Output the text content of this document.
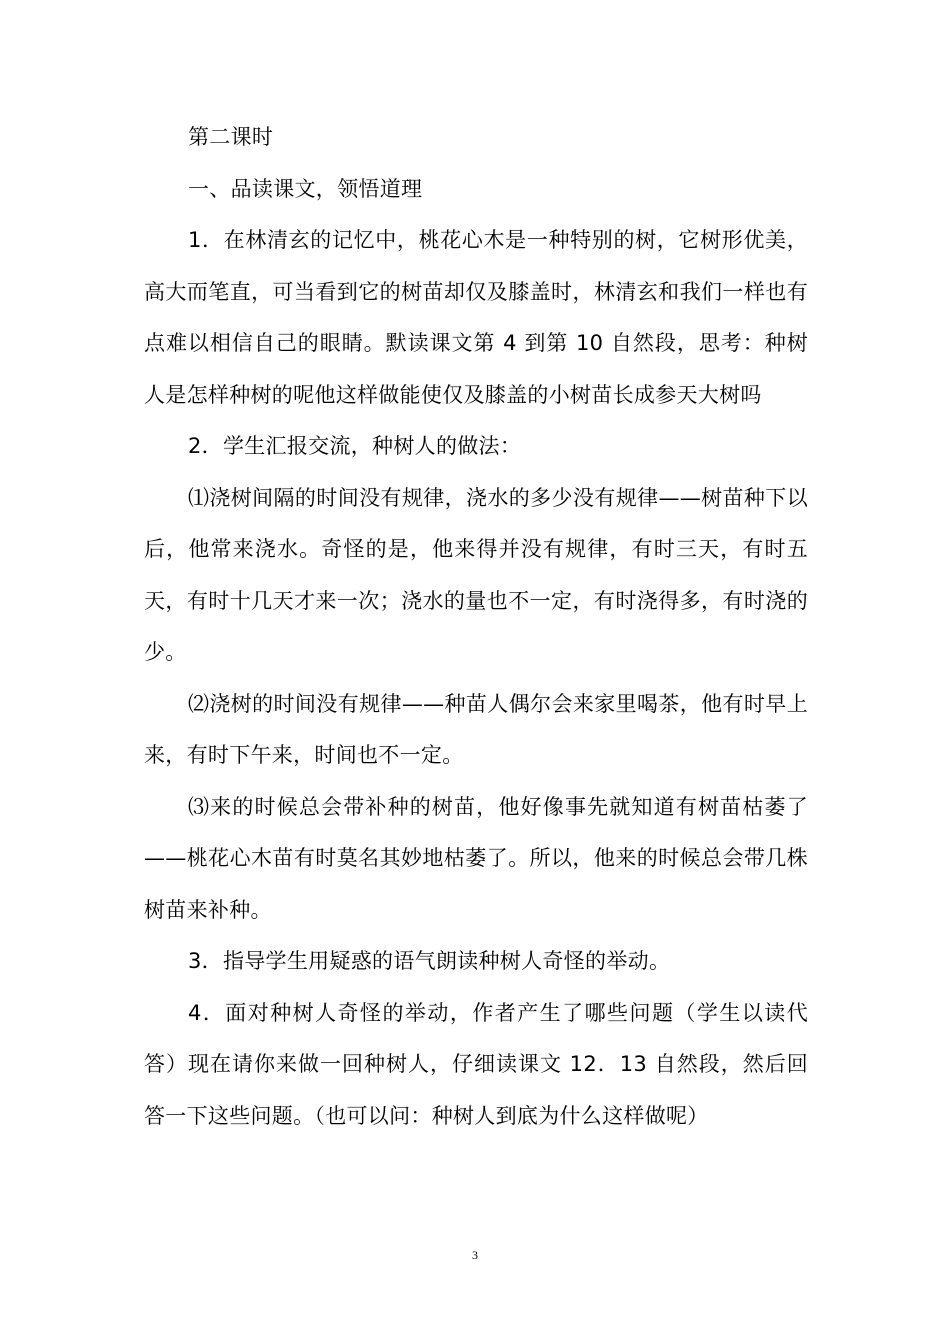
第二课时

一、品读课文，领悟道理

1．在林清玄的记忆中，桃花心木是一种特别的树，它树形优美，高大而笔直，可当看到它的树苗却仅及膝盖时，林清玄和我们一样也有点难以相信自己的眼睛。默读课文第 4 到第 10 自然段，思考：种树人是怎样种树的呢他这样做能使仅及膝盖的小树苗长成参天大树吗

2．学生汇报交流，种树人的做法：

⑴浇树间隔的时间没有规律，浇水的多少没有规律——树苗种下以后，他常来浇水。奇怪的是，他来得并没有规律，有时三天，有时五天，有时十几天才来一次；浇水的量也不一定，有时浇得多，有时浇的少。

⑵浇树的时间没有规律——种苗人偶尔会来家里喝茶，他有时早上来，有时下午来，时间也不一定。

⑶来的时候总会带补种的树苗，他好像事先就知道有树苗枯萎了——桃花心木苗有时莫名其妙地枯萎了。所以，他来的时候总会带几株树苗来补种。

3．指导学生用疑惑的语气朗读种树人奇怪的举动。

4．面对种树人奇怪的举动，作者产生了哪些问题（学生以读代答）现在请你来做一回种树人，仔细读课文 12．13 自然段，然后回答一下这些问题。（也可以问：种树人到底为什么这样做呢）

3
